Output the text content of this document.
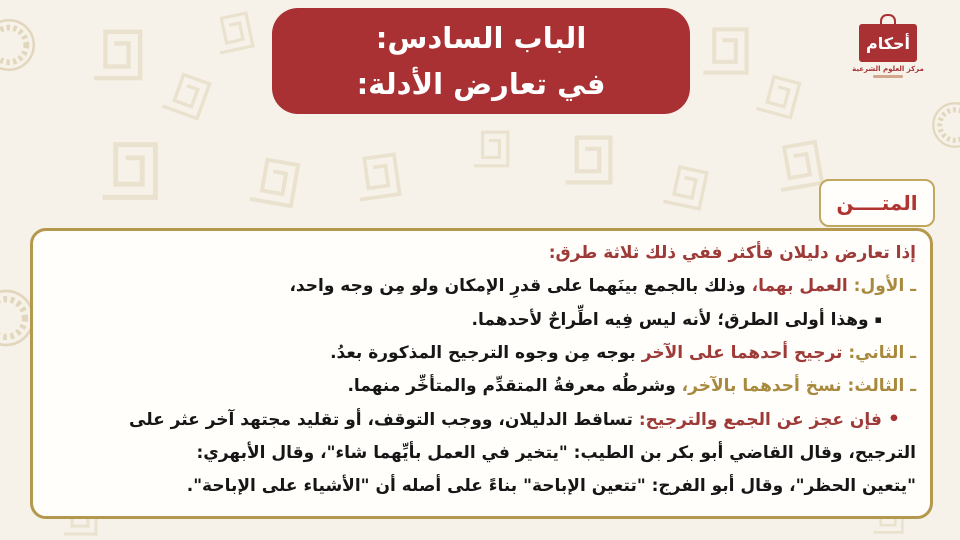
الباب السادس:
في تعارض الأدلة:
أحكام
مركز العلوم الشرعية
المتــــن
إذا تعارض دليلان فأكثر ففي ذلك ثلاثة طرق:
ـ الأول: العمل بهما، وذلك بالجمع بينَهما على قدرِ الإمكان ولو مِن وجه واحد،
▪ وهذا أولى الطرق؛ لأنه ليس فِيه اطِّراحٌ لأحدهما.
ـ الثاني: ترجيح أحدهما على الآخر بوجه مِن وجوه الترجيح المذكورة بعدُ.
ـ الثالث: نسخ أحدهما بالآخر، وشرطُه معرفةُ المتقدِّم والمتأخِّر منهما.
• فإن عجز عن الجمع والترجيح: تساقط الدليلان، ووجب التوقف، أو تقليد مجتهد آخر عثر على
الترجيح، وقال القاضي أبو بكر بن الطيب: "يتخير في العمل بأيِّهما شاء"، وقال الأبهري:
"يتعين الحظر"، وقال أبو الفرج: "تتعين الإباحة" بناءً على أصله أن "الأشياء على الإباحة".
